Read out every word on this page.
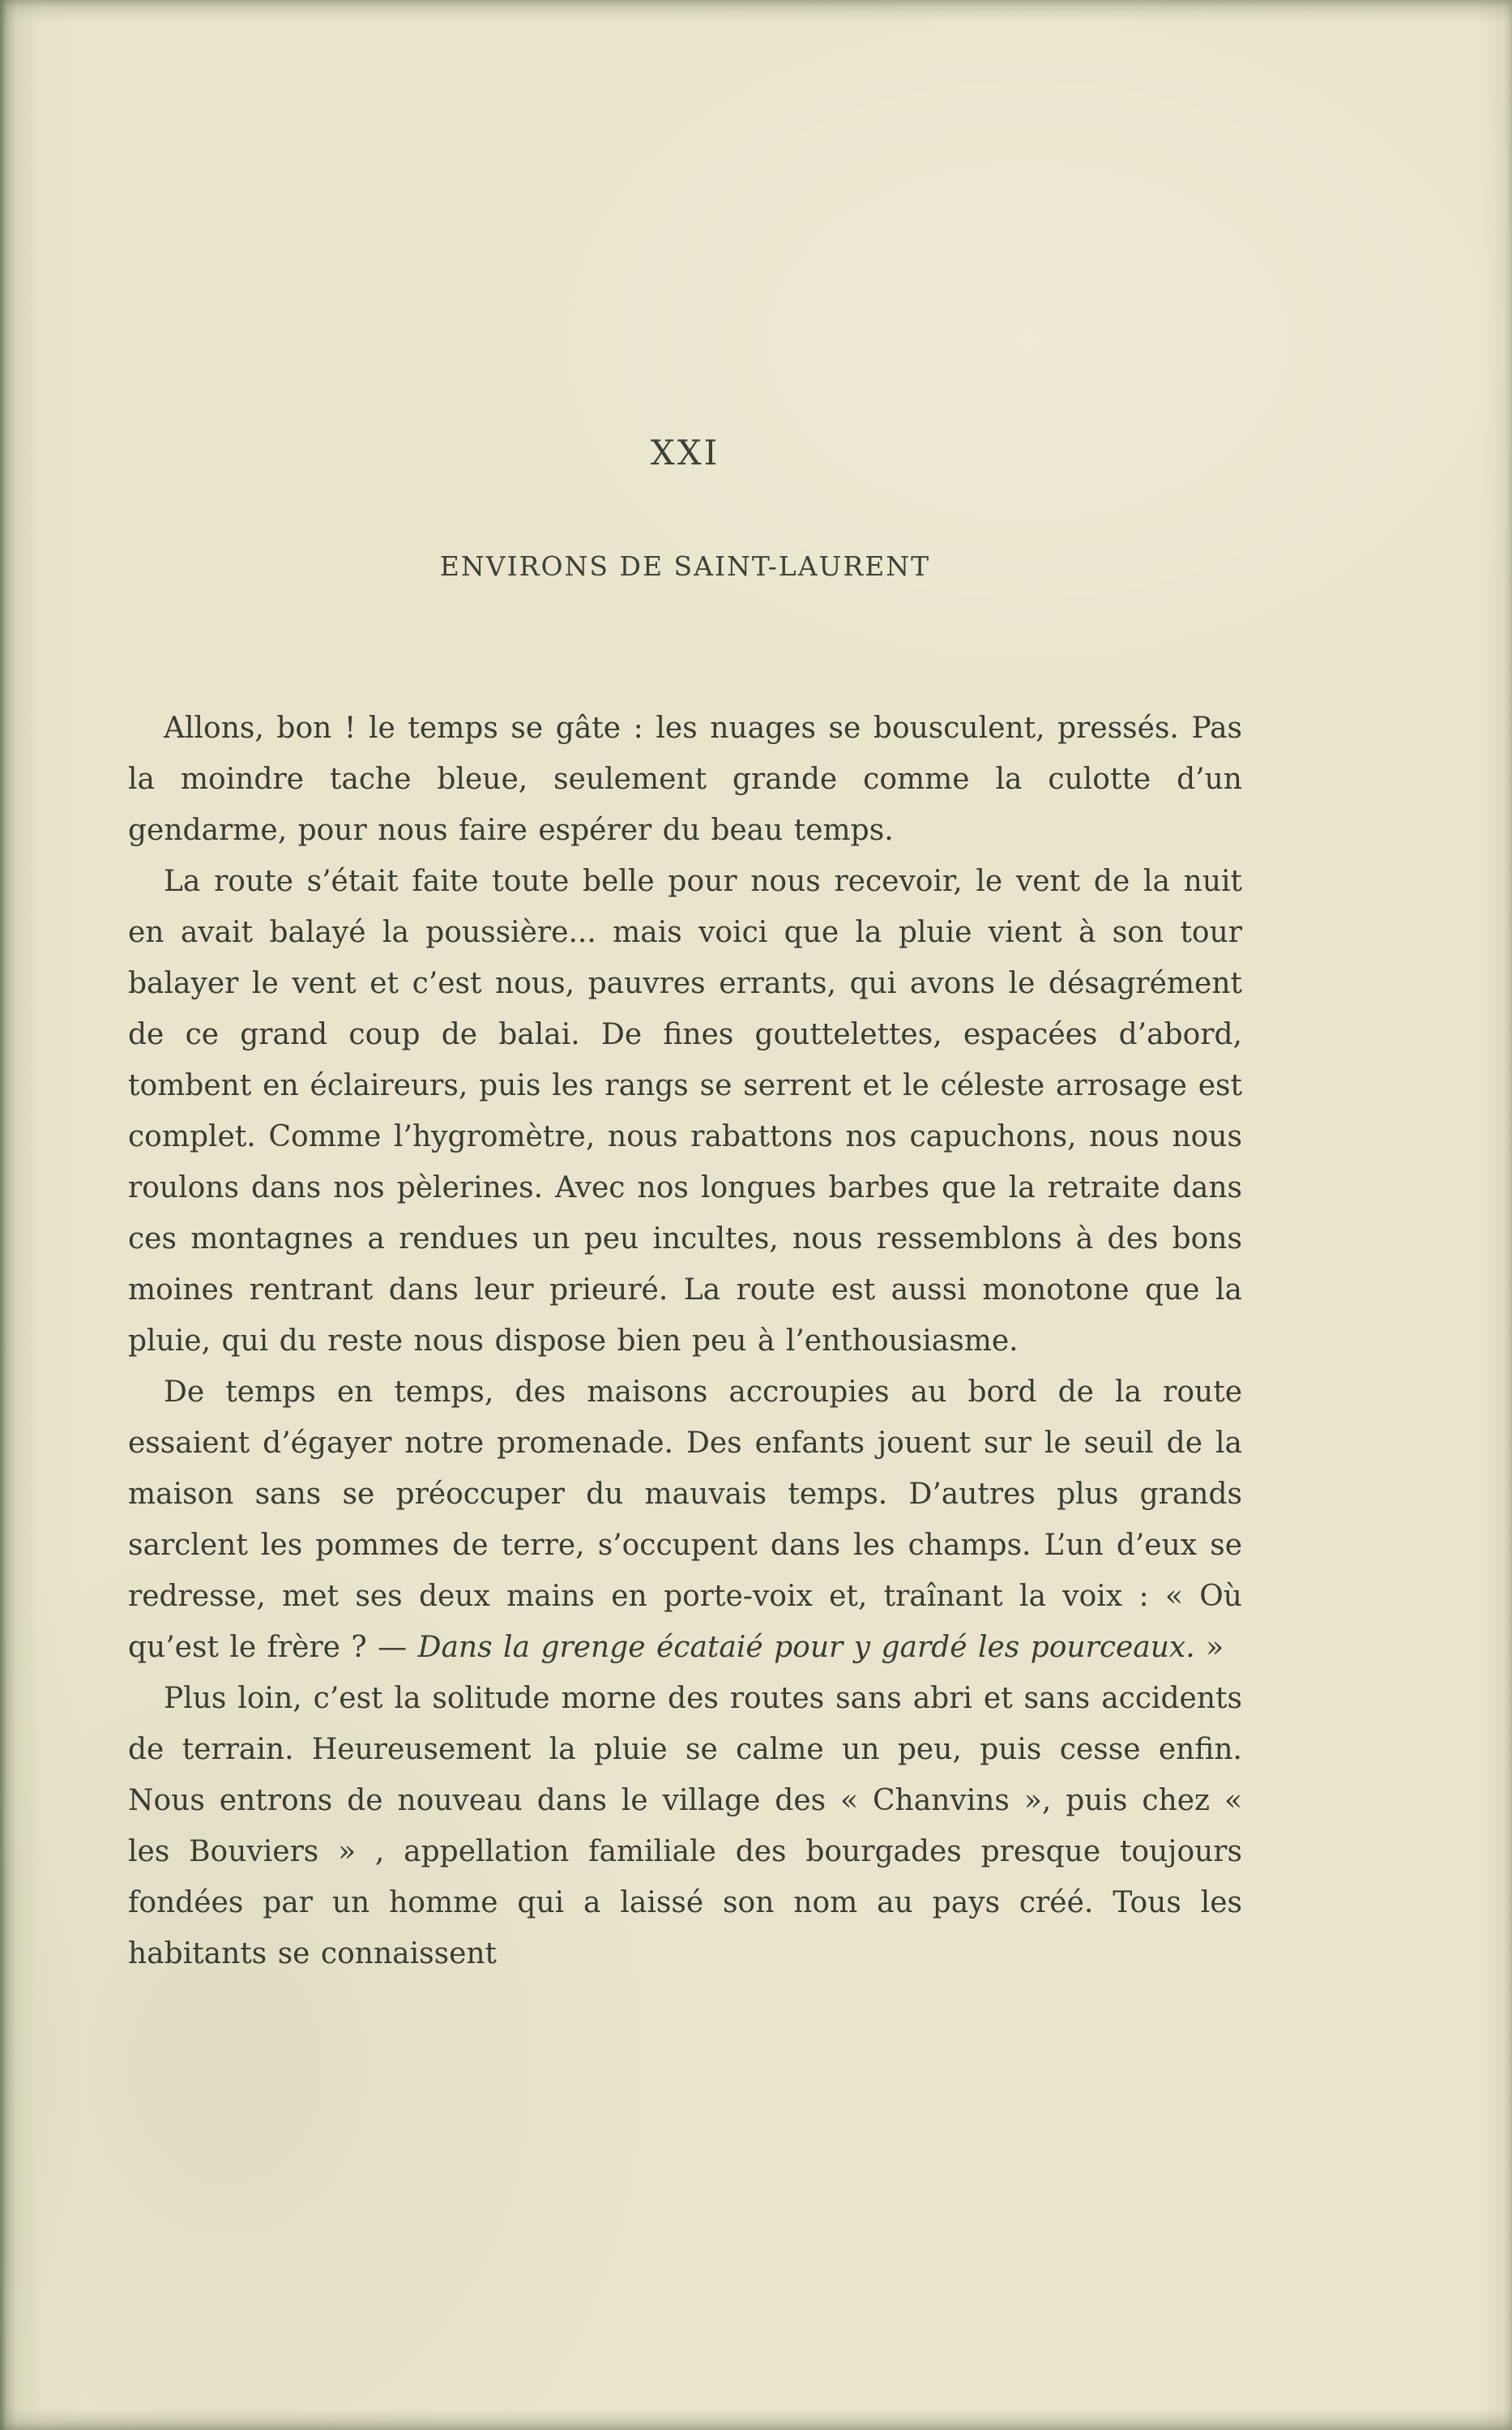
XXI
ENVIRONS DE SAINT-LAURENT

Allons, bon ! le temps se gâte : les nuages se bousculent, pressés. Pas la moindre tache bleue, seulement grande comme la culotte d’un gendarme, pour nous faire espérer du beau temps.

La route s’était faite toute belle pour nous recevoir, le vent de la nuit en avait balayé la poussière... mais voici que la pluie vient à son tour balayer le vent et c’est nous, pauvres errants, qui avons le désagrément de ce grand coup de balai. De fines gouttelettes, espacées d’abord, tombent en éclaireurs, puis les rangs se serrent et le céleste arrosage est complet. Comme l’hygromètre, nous rabattons nos capuchons, nous nous roulons dans nos pèlerines. Avec nos longues barbes que la retraite dans ces montagnes a rendues un peu incultes, nous ressemblons à des bons moines rentrant dans leur prieuré. La route est aussi monotone que la pluie, qui du reste nous dispose bien peu à l’enthousiasme.

De temps en temps, des maisons accroupies au bord de la route essaient d’égayer notre promenade. Des enfants jouent sur le seuil de la maison sans se préoccuper du mauvais temps. D’autres plus grands sarclent les pommes de terre, s’occupent dans les champs. L’un d’eux se redresse, met ses deux mains en porte-voix et, traînant la voix : « Où qu’est le frère ? — Dans la grenge écataié pour y gardé les pourceaux. »

Plus loin, c’est la solitude morne des routes sans abri et sans accidents de terrain. Heureusement la pluie se calme un peu, puis cesse enfin. Nous entrons de nouveau dans le village des « Chanvins », puis chez « les Bouviers » , appellation familiale des bourgades presque toujours fondées par un homme qui a laissé son nom au pays créé. Tous les habitants se connaissent
